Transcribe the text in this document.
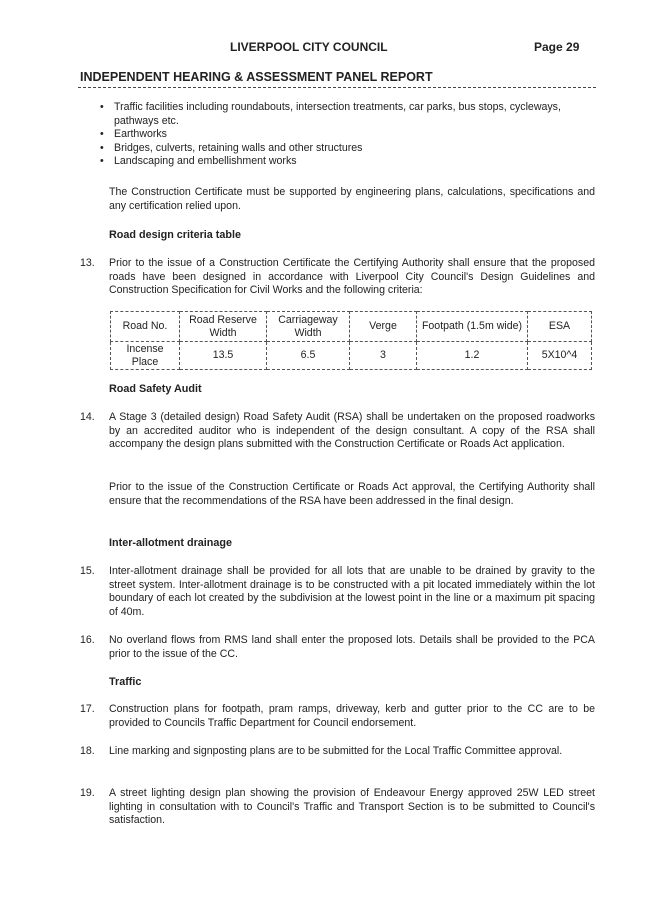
LIVERPOOL CITY COUNCIL	Page 29
INDEPENDENT HEARING & ASSESSMENT PANEL REPORT
• Traffic facilities including roundabouts, intersection treatments, car parks, bus stops, cycleways, pathways etc.
• Earthworks
• Bridges, culverts, retaining walls and other structures
• Landscaping and embellishment works
The Construction Certificate must be supported by engineering plans, calculations, specifications and any certification relied upon.
Road design criteria table
13. Prior to the issue of a Construction Certificate the Certifying Authority shall ensure that the proposed roads have been designed in accordance with Liverpool City Council's Design Guidelines and Construction Specification for Civil Works and the following criteria:
Road No.	Road Reserve Width	Carriageway Width	Verge	Footpath (1.5m wide)	ESA
Incense Place	13.5	6.5	3	1.2	5X10^4
Road Safety Audit
14. A Stage 3 (detailed design) Road Safety Audit (RSA) shall be undertaken on the proposed roadworks by an accredited auditor who is independent of the design consultant. A copy of the RSA shall accompany the design plans submitted with the Construction Certificate or Roads Act application.
Prior to the issue of the Construction Certificate or Roads Act approval, the Certifying Authority shall ensure that the recommendations of the RSA have been addressed in the final design.
Inter-allotment drainage
15. Inter-allotment drainage shall be provided for all lots that are unable to be drained by gravity to the street system. Inter-allotment drainage is to be constructed with a pit located immediately within the lot boundary of each lot created by the subdivision at the lowest point in the line or a maximum pit spacing of 40m.
16. No overland flows from RMS land shall enter the proposed lots. Details shall be provided to the PCA prior to the issue of the CC.
Traffic
17. Construction plans for footpath, pram ramps, driveway, kerb and gutter prior to the CC are to be provided to Councils Traffic Department for Council endorsement.
18. Line marking and signposting plans are to be submitted for the Local Traffic Committee approval.
19. A street lighting design plan showing the provision of Endeavour Energy approved 25W LED street lighting in consultation with to Council's Traffic and Transport Section is to be submitted to Council's satisfaction.
